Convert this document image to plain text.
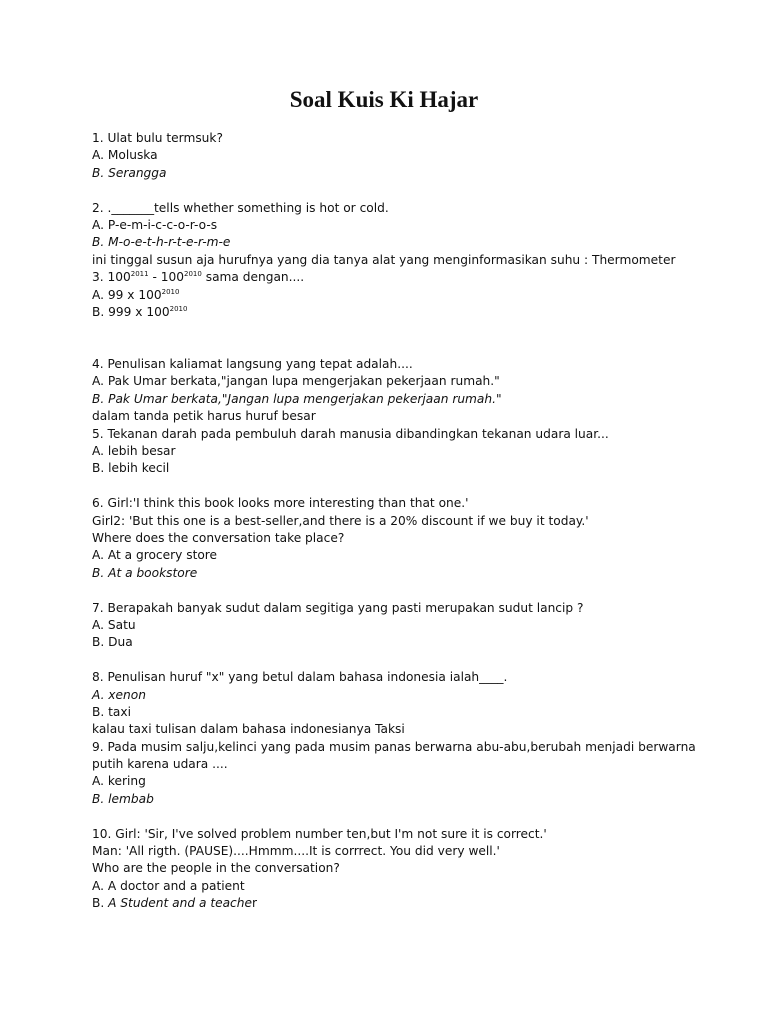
Soal Kuis Ki Hajar
1. Ulat bulu termsuk?
A. Moluska
B. Serangga
2. ._______tells whether something is hot or cold.
A. P-e-m-i-c-c-o-r-o-s
B. M-o-e-t-h-r-t-e-r-m-e
ini tinggal susun aja hurufnya yang dia tanya alat yang menginformasikan suhu : Thermometer
3. $100^{2011} - 100^{2010}$ sama dengan....
A. 99 x $100^{2010}$
B. 999 x $100^{2010}$
4. Penulisan kaliamat langsung yang tepat adalah....
A. Pak Umar berkata,"jangan lupa mengerjakan pekerjaan rumah."
B. Pak Umar berkata,"Jangan lupa mengerjakan pekerjaan rumah."
dalam tanda petik harus huruf besar
5. Tekanan darah pada pembuluh darah manusia dibandingkan tekanan udara luar...
A. lebih besar
B. lebih kecil
6. Girl:'I think this book looks more interesting than that one.'
Girl2: 'But this one is a best-seller,and there is a 20% discount if we buy it today.'
Where does the conversation take place?
A. At a grocery store
B. At a bookstore
7. Berapakah banyak sudut dalam segitiga yang pasti merupakan sudut lancip ?
A. Satu
B. Dua
8. Penulisan huruf "x" yang betul dalam bahasa indonesia ialah____.
A. xenon
B. taxi
kalau taxi tulisan dalam bahasa indonesianya Taksi
9. Pada musim salju,kelinci yang pada musim panas berwarna abu-abu,berubah menjadi berwarna
putih karena udara ....
A. kering
B. lembab
10. Girl: 'Sir, I've solved problem number ten,but I'm not sure it is correct.'
Man: 'All rigth. (PAUSE)....Hmmm....It is corrrect. You did very well.'
Who are the people in the conversation?
A. A doctor and a patient
B. A Student and a teacher
